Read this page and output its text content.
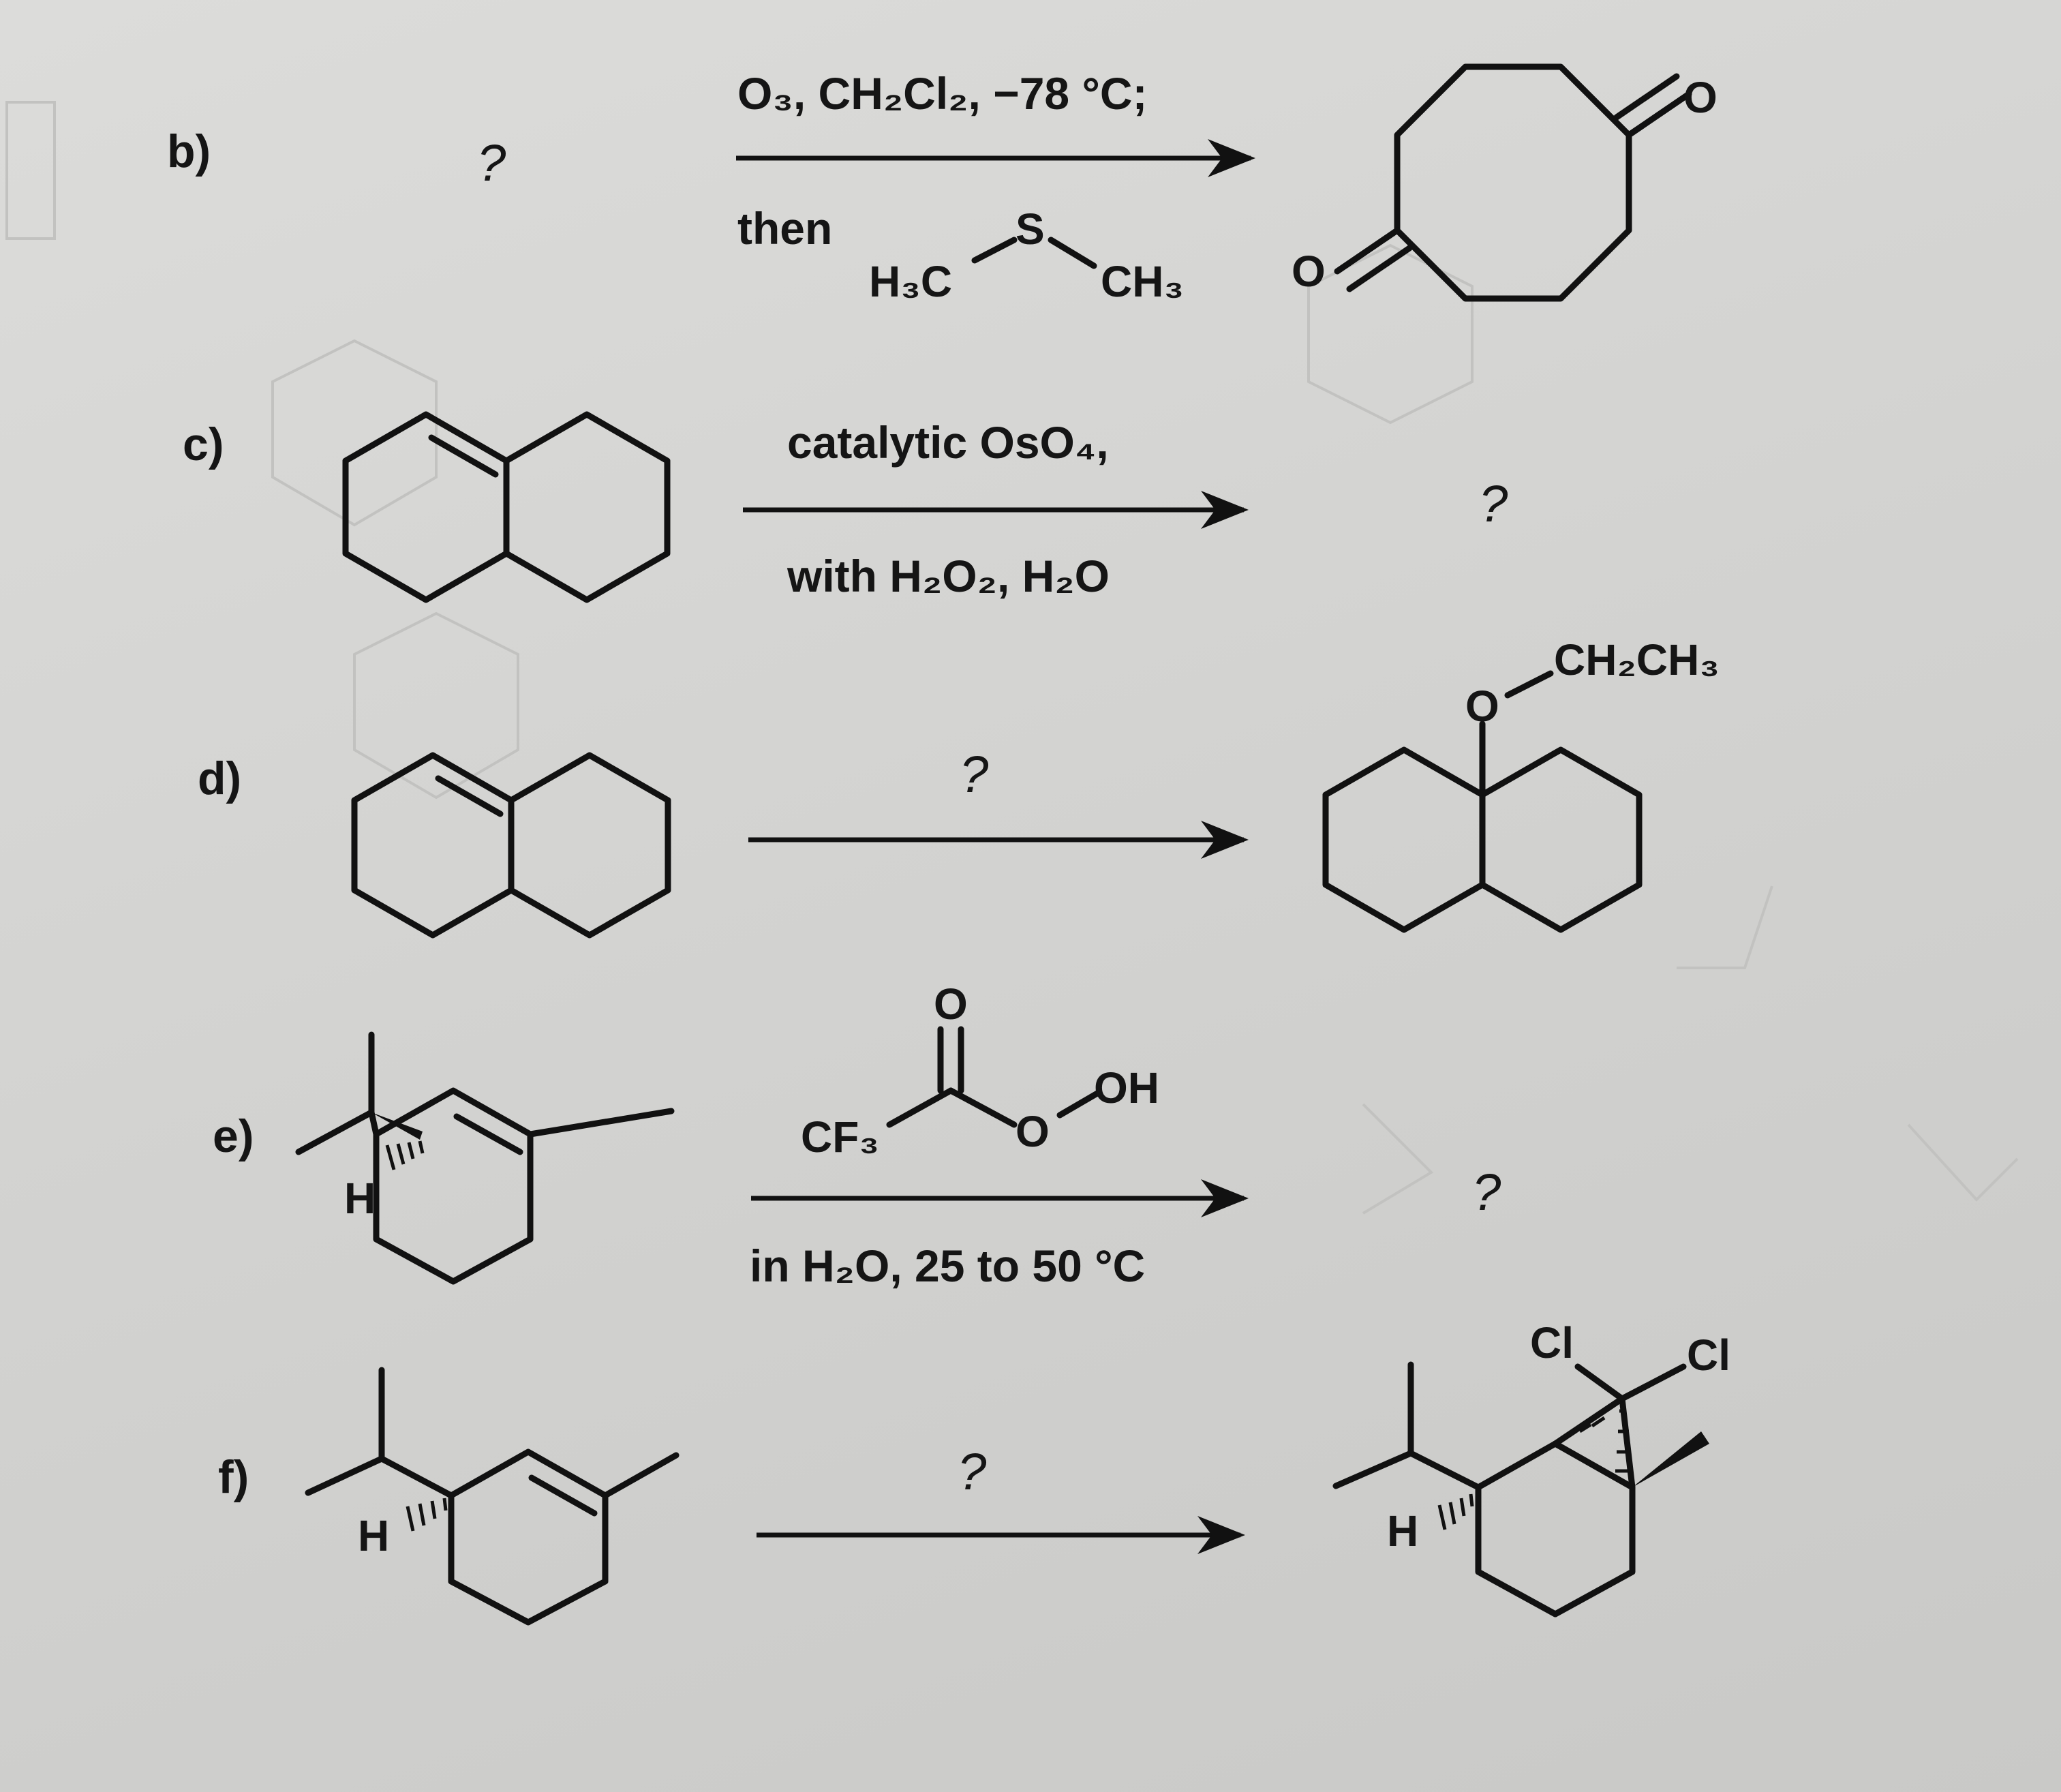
b)	?
O₃, CH₂Cl₂, −78 °C;
then	S
H₃C	CH₃
O
O
c)	catalytic OsO₄,
with H₂O₂, H₂O
?
d)	?
O
CH₂CH₃
e)
H
O
CF₃	O
OH
in H₂O, 25 to 50 °C
?
f)
H
?
H
Cl	Cl
